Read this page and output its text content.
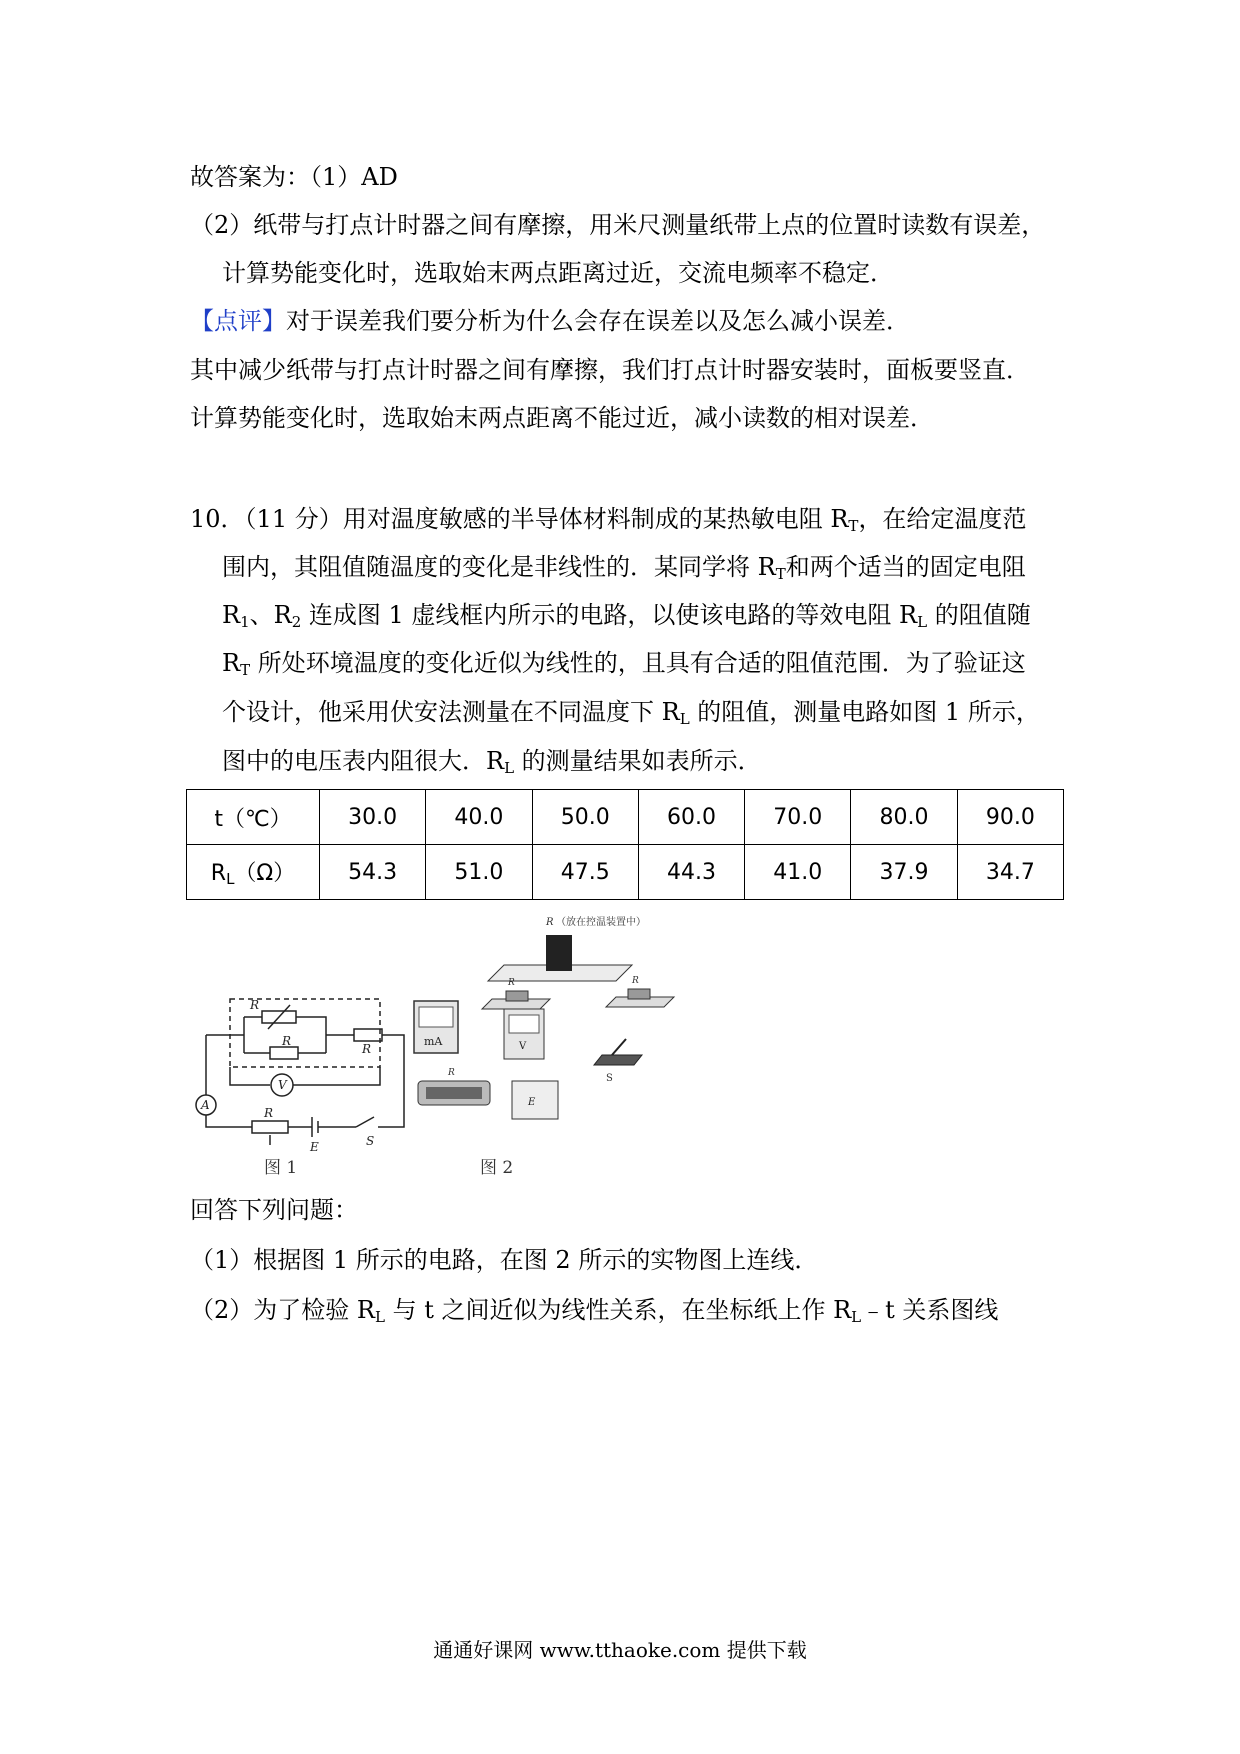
故答案为：（1）AD
（2）纸带与打点计时器之间有摩擦，用米尺测量纸带上点的位置时读数有误差，
计算势能变化时，选取始末两点距离过近，交流电频率不稳定．
【点评】对于误差我们要分析为什么会存在误差以及怎么减小误差．
其中减少纸带与打点计时器之间有摩擦，我们打点计时器安装时，面板要竖直．
计算势能变化时，选取始末两点距离不能过近，减小读数的相对误差．
10．（11 分）用对温度敏感的半导体材料制成的某热敏电阻 $R_T$，在给定温度范
围内，其阻值随温度的变化是非线性的．某同学将 $R_T$和两个适当的固定电阻
$R_1$、$R_2$ 连成图 1 虚线框内所示的电路，以使该电路的等效电阻 $R_L$ 的阻值随
$R_T$ 所处环境温度的变化近似为线性的，且具有合适的阻值范围．为了验证这
个设计，他采用伏安法测量在不同温度下 $R_L$ 的阻值，测量电路如图 1 所示，
图中的电压表内阻很大．$R_L$ 的测量结果如表所示．
t（℃）	30.0	40.0	50.0	60.0	70.0	80.0	90.0
$R_L(\Omega)$	54.3	51.0	47.5	44.3	41.0	37.9	34.7
R
R
R
V
A
R
E	S
图 1
mA
R （放在控温装置中）
R	R
V
S
R
E
图 2
回答下列问题：
（1）根据图 1 所示的电路，在图 2 所示的实物图上连线．
（2）为了检验 $R_L$ 与 t 之间近似为线性关系，在坐标纸上作 $R_L﹣t$ 关系图线
通通好课网 www.tthaoke.com 提供下载
